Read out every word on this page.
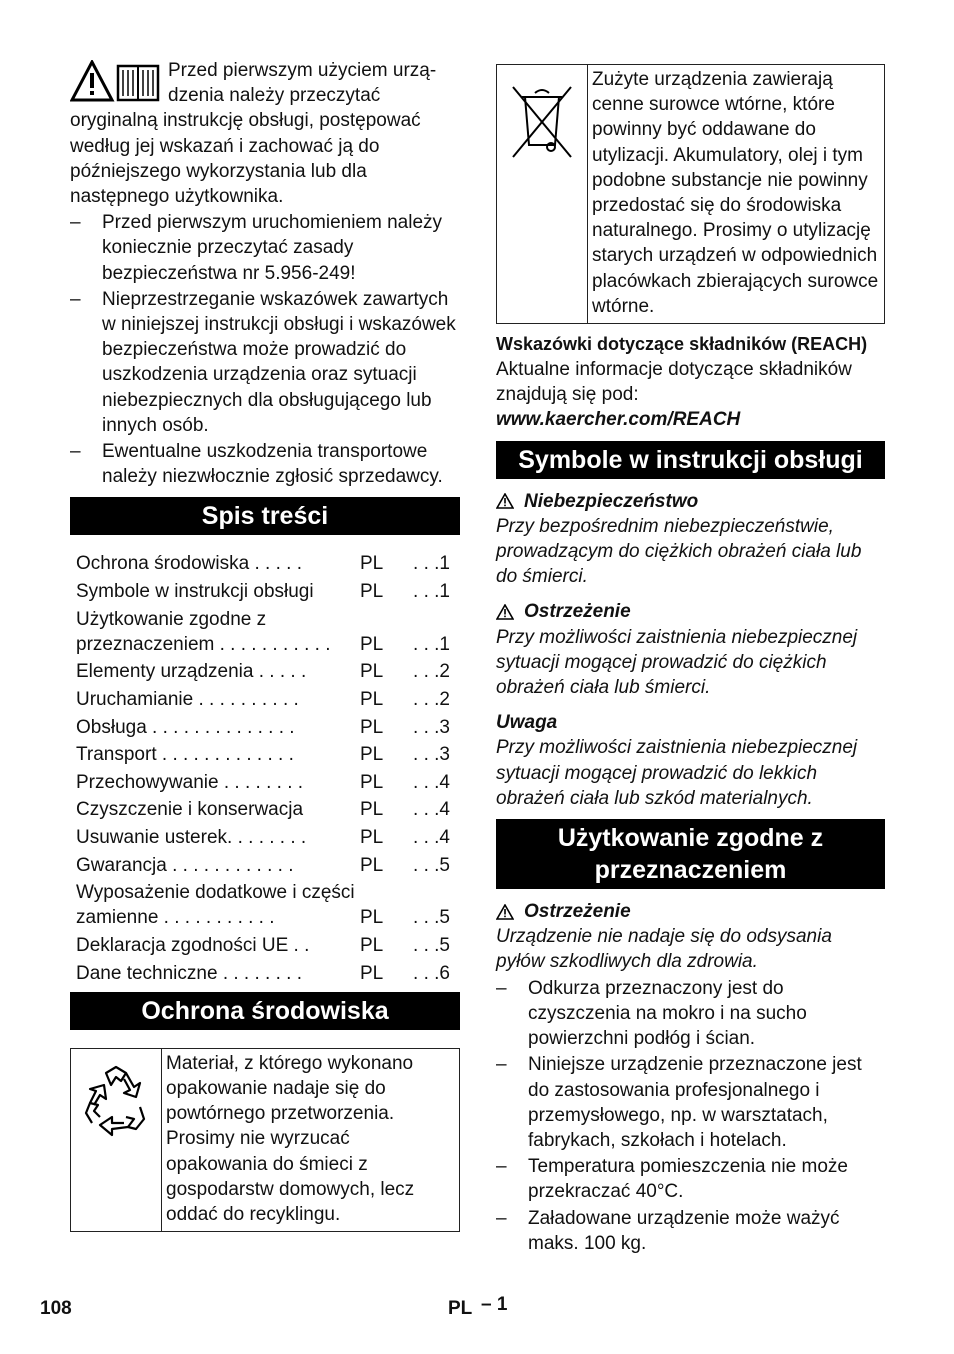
Przed pierwszym użyciem urządzenia należy przeczytać oryginalną instrukcję obsługi, postępować według jej wskazań i zachować ją do późniejszego wykorzystania lub dla następnego użytkownika.

–	Przed pierwszym uruchomieniem należy koniecznie przeczytać zasady bezpieczeństwa nr 5.956-249!
–	Nieprzestrzeganie wskazówek zawartych w niniejszej instrukcji obsługi i wskazówek bezpieczeństwa może prowadzić do uszkodzenia urządzenia oraz sytuacji niebezpiecznych dla obsługującego lub innych osób.
–	Ewentualne uszkodzenia transportowe należy niezwłocznie zgłosić sprzedawcy.
Spis treści
Ochrona środowiska . . . . .	PL	. . .1
Symbole w instrukcji obsługi	PL	. . .1
Użytkowanie zgodne z przeznaczeniem . . . . . . . . . . .	PL	. . .1
Elementy urządzenia . . . . .	PL	. . .2
Uruchamianie . . . . . . . . . .	PL	. . .2
Obsługa . . . . . . . . . . . . . .	PL	. . .3
Transport . . . . . . . . . . . . .	PL	. . .3
Przechowywanie . . . . . . . .	PL	. . .4
Czyszczenie i konserwacja	PL	. . .4
Usuwanie usterek. . . . . . . .	PL	. . .4
Gwarancja . . . . . . . . . . . .	PL	. . .5
Wyposażenie dodatkowe i części zamienne . . . . . . . . . . .	PL	. . .5
Deklaracja zgodności UE . .	PL	. . .5
Dane techniczne . . . . . . . .	PL	. . .6
Ochrona środowiska
Materiał, z którego wykonano opakowanie nadaje się do powtórnego przetworzenia. Prosimy nie wyrzucać opakowania do śmieci z gospodarstw domowych, lecz oddać do recyklingu.
Zużyte urządzenia zawierają cenne surowce wtórne, które powinny być oddawane do utylizacji. Akumulatory, olej i tym podobne substancje nie powinny przedostać się do środowiska naturalnego. Prosimy o utylizację starych urządzeń w odpowiednich placówkach zbierających surowce wtórne.
Wskazówki dotyczące składników (REACH)

Aktualne informacje dotyczące składników znajdują się pod:

www.kaercher.com/REACH

Symbole w instrukcji obsługi
Niebezpieczeństwo

Przy bezpośrednim niebezpieczeństwie, prowadzącym do ciężkich obrażeń ciała lub do śmierci.

Ostrzeżenie

Przy możliwości zaistnienia niebezpiecznej sytuacji mogącej prowadzić do ciężkich obrażeń ciała lub śmierci.

Uwaga

Przy możliwości zaistnienia niebezpiecznej sytuacji mogącej prowadzić do lekkich obrażeń ciała lub szkód materialnych.

Użytkowanie zgodne z przeznaczeniem
Ostrzeżenie

Urządzenie nie nadaje się do odsysania pyłów szkodliwych dla zdrowia.

–	Odkurza przeznaczony jest do czyszczenia na mokro i na sucho powierzchni podłóg i ścian.
–	Niniejsze urządzenie przeznaczone jest do zastosowania profesjonalnego i przemysłowego, np. w warsztatach, fabrykach, szkołach i hotelach.
–	Temperatura pomieszczenia nie może przekraczać 40°C.
–	Załadowane urządzenie może ważyć maks. 100 kg.
108	PL – 1
